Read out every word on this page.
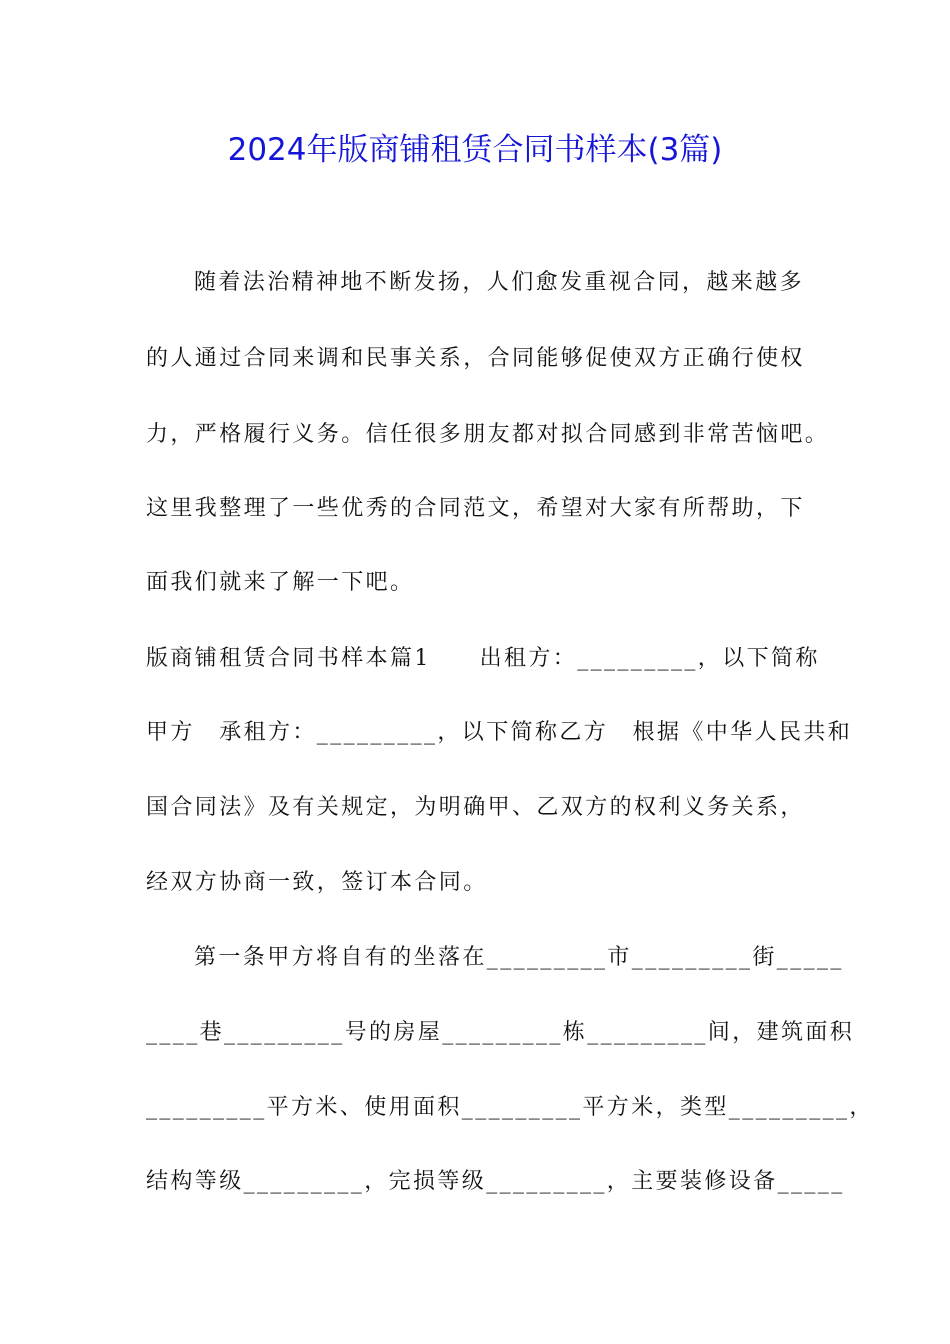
2024年版商铺租赁合同书样本(3篇)
随着法治精神地不断发扬，人们愈发重视合同，越来越多
的人通过合同来调和民事关系，合同能够促使双方正确行使权
力，严格履行义务。信任很多朋友都对拟合同感到非常苦恼吧。
这里我整理了一些优秀的合同范文，希望对大家有所帮助，下
面我们就来了解一下吧。
版商铺租赁合同书样本篇1　　出租方：_________，以下简称
甲方　承租方：_________，以下简称乙方　根据《中华人民共和
国合同法》及有关规定，为明确甲、乙双方的权利义务关系，
经双方协商一致，签订本合同。
第一条甲方将自有的坐落在_________市_________街_____
____巷_________号的房屋_________栋_________间，建筑面积
_________平方米、使用面积_________平方米，类型_________，
结构等级_________，完损等级_________，主要装修设备_____
